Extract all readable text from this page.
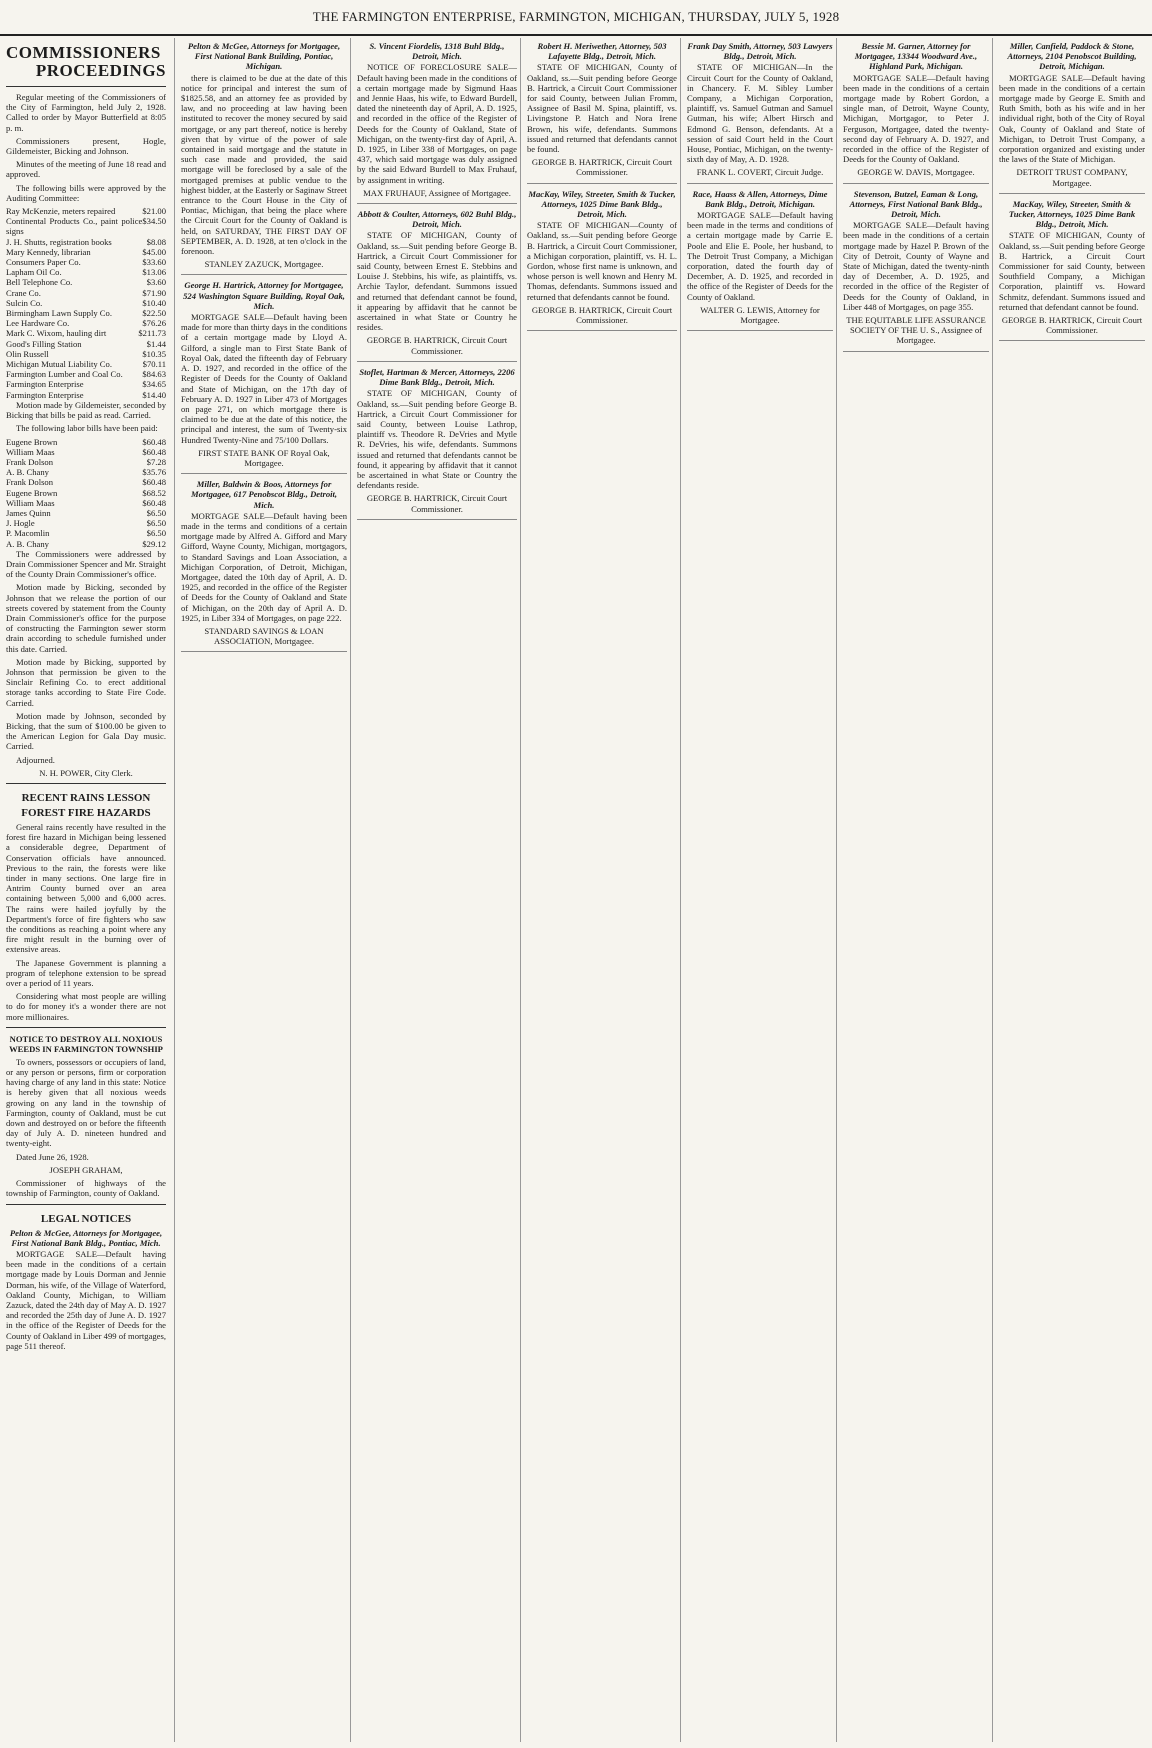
THE FARMINGTON ENTERPRISE, FARMINGTON, MICHIGAN, THURSDAY, JULY 5, 1928
COMMISSIONERS
PROCEEDINGS

Regular meeting of the Commissioners of the City of Farmington, held July 2, 1928. Called to order by Mayor Butterfield at 8:05 p. m.

Commissioners present, Hogle, Gildemeister, Bicking and Johnson.

Minutes of the meeting of June 18 read and approved.

The following bills were approved by the Auditing Committee:

Ray McKenzie, meters repaired	$21.00
Continental Products Co., paint police signs
$34.50
J. H. Shutts, registration books	$8.08
Mary Kennedy, librarian	$45.00
Consumers Paper Co.	$33.60
Lapham Oil Co.	$13.06
Bell Telephone Co.	$3.60
Crane Co.	$71.90
Sulcin Co.	$10.40
Birmingham Lawn Supply Co.	$22.50
Lee Hardware Co.	$76.26
Mark C. Wixom, hauling dirt	$211.73
Good's Filling Station	$1.44
Olin Russell	$10.35
Michigan Mutual Liability Co.	$70.11
Farmington Lumber and Coal Co. $84.63
Farmington Enterprise	$34.65
Farmington Enterprise	$14.40

Motion made by Gildemeister, seconded by Bicking that bills be paid as read. Carried.

The following labor bills have been paid:

Eugene Brown	$60.48
William Maas	$60.48
Frank Dolson	$7.28
A. B. Chany	$35.76
Frank Dolson	$60.48
Eugene Brown	$68.52
William Maas	$60.48
James Quinn	$6.50
J. Hogle	$6.50
P. Macomlin	$6.50
A. B. Chany	$29.12

The Commissioners were addressed by Drain Commissioner Spencer and Mr. Straight of the County Drain Commissioner's office.

Motion made by Bicking, seconded by Johnson that we release the portion of our streets covered by statement from the County Drain Commissioner's office for the purpose of constructing the Farmington sewer storm drain according to schedule furnished under this date. Carried.

Motion made by Bicking, supported by Johnson that permission be given to the Sinclair Refining Co. to erect additional storage tanks according to State Fire Code. Carried.

Motion made by Johnson, seconded by Bicking, that the sum of $100.00 be given to the American Legion for Gala Day music. Carried.

Adjourned.

N. H. POWER, City Clerk.
RECENT RAINS LESSON
FOREST FIRE HAZARDS

General rains recently have resulted in the forest fire hazard in Michigan being lessened a considerable degree, Department of Conservation officials have announced. Previous to the rain, the forests were like tinder in many sections. One large fire in Antrim County burned over an area containing between 5,000 and 6,000 acres. The rains were hailed joyfully by the Department's force of fire fighters who saw the conditions as reaching a point where any fire might result in the burning over of extensive areas.

The Japanese Government is planning a program of telephone extension to be spread over a period of 11 years.

Considering what most people are willing to do for money it's a wonder there are not more millionaires.

NOTICE TO DESTROY ALL NOXIOUS WEEDS IN FARMINGTON TOWNSHIP

To owners, possessors or occupiers of land, or any person or persons, firm or corporation having charge of any land in this state: Notice is hereby given that all noxious weeds growing on any land in the township of Farmington, county of Oakland, must be cut down and destroyed on or before the fifteenth day of July A. D. nineteen hundred and twenty-eight.

Dated June 26, 1928.

JOSEPH GRAHAM,

Commissioner of highways of the township of Farmington, county of Oakland.

LEGAL NOTICES
Pelton & McGee, Attorneys for Mortgagee, First National Bank Bldg., Pontiac, Mich.

MORTGAGE SALE—Default having been made in the conditions of a certain mortgage made by Louis Dorman and Jennie Dorman, his wife, of the Village of Waterford, Oakland County, Michigan, to William Zazuck, dated the 24th day of May A. D. 1927 and recorded the 25th day of June A. D. 1927 in the office of the Register of Deeds for the County of Oakland in Liber 499 of mortgages, page 511 thereof.

Pelton & McGee, Attorneys for Mortgagee, First National Bank Building, Pontiac, Michigan.

there is claimed to be due at the date of this notice for principal and interest the sum of $1825.58, and an attorney fee as provided by law, and no proceeding at law having been instituted to recover the money secured by said mortgage, or any part thereof, notice is hereby given that by virtue of the power of sale contained in said mortgage and the statute in such case made and provided, the said mortgage will be foreclosed by a sale of the mortgaged premises at public vendue to the highest bidder, at the Easterly or Saginaw Street entrance to the Court House in the City of Pontiac, Michigan, that being the place where the Circuit Court for the County of Oakland is held, on SATURDAY, THE FIRST DAY OF SEPTEMBER, A. D. 1928, at ten o'clock in the forenoon.

STANLEY ZAZUCK, Mortgagee.
George H. Hartrick, Attorney for Mortgagee, 524 Washington Square Building, Royal Oak, Mich.

MORTGAGE SALE—Default having been made for more than thirty days in the conditions of a certain mortgage made by Lloyd A. Gilford, a single man to First State Bank of Royal Oak, dated the fifteenth day of February A. D. 1927, and recorded in the office of the Register of Deeds for the County of Oakland and State of Michigan, on the 17th day of February A. D. 1927 in Liber 473 of Mortgages on page 271, on which mortgage there is claimed to be due at the date of this notice, the principal and interest, the sum of Twenty-six Hundred Twenty-Nine and 75/100 Dollars.

FIRST STATE BANK OF Royal Oak, Mortgagee.
Miller, Baldwin & Boos, Attorneys for Mortgagee, 617 Penobscot Bldg., Detroit, Mich.

MORTGAGE SALE—Default having been made in the terms and conditions of a certain mortgage made by Alfred A. Gifford and Mary Gifford, Wayne County, Michigan, mortgagors, to Standard Savings and Loan Association, a Michigan Corporation, of Detroit, Michigan, Mortgagee, dated the 10th day of April, A. D. 1925, and recorded in the office of the Register of Deeds for the County of Oakland and State of Michigan, on the 20th day of April A. D. 1925, in Liber 334 of Mortgages, on page 222.

STANDARD SAVINGS & LOAN ASSOCIATION, Mortgagee.
S. Vincent Fiordelis, 1318 Buhl Bldg., Detroit, Mich.

NOTICE OF FORECLOSURE SALE—Default having been made in the conditions of a certain mortgage made by Sigmund Haas and Jennie Haas, his wife, to Edward Burdell, dated the nineteenth day of April, A. D. 1925, and recorded in the office of the Register of Deeds for the County of Oakland, State of Michigan, on the twenty-first day of April, A. D. 1925, in Liber 338 of Mortgages, on page 437, which said mortgage was duly assigned by the said Edward Burdell to Max Fruhauf, by assignment in writing.

MAX FRUHAUF, Assignee of Mortgagee.
Abbott & Coulter, Attorneys, 602 Buhl Bldg., Detroit, Mich.

STATE OF MICHIGAN, County of Oakland, ss.—Suit pending before George B. Hartrick, a Circuit Court Commissioner for said County, between Ernest E. Stebbins and Louise J. Stebbins, his wife, as plaintiffs, vs. Archie Taylor, defendant. Summons issued and returned that defendant cannot be found, it appearing by affidavit that he cannot be ascertained in what State or Country he resides.

GEORGE B. HARTRICK, Circuit Court Commissioner.
Stoflet, Hartman & Mercer, Attorneys, 2206 Dime Bank Bldg., Detroit, Mich.

STATE OF MICHIGAN, County of Oakland, ss.—Suit pending before George B. Hartrick, a Circuit Court Commissioner for said County, between Louise Lathrop, plaintiff vs. Theodore R. DeVries and Mytle R. DeVries, his wife, defendants. Summons issued and returned that defendants cannot be found, it appearing by affidavit that it cannot be ascertained in what State or Country the defendants reside.

GEORGE B. HARTRICK, Circuit Court Commissioner.
Robert H. Meriwether, Attorney, 503 Lafayette Bldg., Detroit, Mich.

STATE OF MICHIGAN, County of Oakland, ss.—Suit pending before George B. Hartrick, a Circuit Court Commissioner for said County, between Julian Fromm, Assignee of Basil M. Spina, plaintiff, vs. Livingstone P. Hatch and Nora Irene Brown, his wife, defendants. Summons issued and returned that defendants cannot be found.

GEORGE B. HARTRICK, Circuit Court Commissioner.
MacKay, Wiley, Streeter, Smith & Tucker, Attorneys, 1025 Dime Bank Bldg., Detroit, Mich.

STATE OF MICHIGAN—County of Oakland, ss.—Suit pending before George B. Hartrick, a Circuit Court Commissioner, a Michigan corporation, plaintiff, vs. H. L. Gordon, whose first name is unknown, and whose person is well known and Henry M. Thomas, defendants. Summons issued and returned that defendants cannot be found.

GEORGE B. HARTRICK, Circuit Court Commissioner.
Frank Day Smith, Attorney, 503 Lawyers Bldg., Detroit, Mich.

STATE OF MICHIGAN—In the Circuit Court for the County of Oakland, in Chancery. F. M. Sibley Lumber Company, a Michigan Corporation, plaintiff, vs. Samuel Gutman and Samuel Gutman, his wife; Albert Hirsch and Edmond G. Benson, defendants. At a session of said Court held in the Court House, Pontiac, Michigan, on the twenty-sixth day of May, A. D. 1928.

FRANK L. COVERT, Circuit Judge.
Race, Haass & Allen, Attorneys, Dime Bank Bldg., Detroit, Michigan.

MORTGAGE SALE—Default having been made in the terms and conditions of a certain mortgage made by Carrie E. Poole and Elie E. Poole, her husband, to The Detroit Trust Company, a Michigan corporation, dated the fourth day of December, A. D. 1925, and recorded in the office of the Register of Deeds for the County of Oakland.

WALTER G. LEWIS, Attorney for Mortgagee.
Bessie M. Garner, Attorney for Mortgagee, 13344 Woodward Ave., Highland Park, Michigan.

MORTGAGE SALE—Default having been made in the conditions of a certain mortgage made by Robert Gordon, a single man, of Detroit, Wayne County, Michigan, Mortgagor, to Peter J. Ferguson, Mortgagee, dated the twenty-second day of February A. D. 1927, and recorded in the office of the Register of Deeds for the County of Oakland.

GEORGE W. DAVIS, Mortgagee.
Stevenson, Butzel, Eaman & Long, Attorneys, First National Bank Bldg., Detroit, Mich.

MORTGAGE SALE—Default having been made in the conditions of a certain mortgage made by Hazel P. Brown of the City of Detroit, County of Wayne and State of Michigan, dated the twenty-ninth day of December, A. D. 1925, and recorded in the office of the Register of Deeds for the County of Oakland, in Liber 448 of Mortgages, on page 355.

THE EQUITABLE LIFE ASSURANCE SOCIETY OF THE U. S., Assignee of Mortgagee.
Miller, Canfield, Paddock & Stone, Attorneys, 2104 Penobscot Building, Detroit, Michigan.

MORTGAGE SALE—Default having been made in the conditions of a certain mortgage made by George E. Smith and Ruth Smith, both as his wife and in her individual right, both of the City of Royal Oak, County of Oakland and State of Michigan, to Detroit Trust Company, a corporation organized and existing under the laws of the State of Michigan.

DETROIT TRUST COMPANY, Mortgagee.
MacKay, Wiley, Streeter, Smith & Tucker, Attorneys, 1025 Dime Bank Bldg., Detroit, Mich.

STATE OF MICHIGAN, County of Oakland, ss.—Suit pending before George B. Hartrick, a Circuit Court Commissioner for said County, between Southfield Company, a Michigan Corporation, plaintiff vs. Howard Schmitz, defendant. Summons issued and returned that defendant cannot be found.

GEORGE B. HARTRICK, Circuit Court Commissioner.
